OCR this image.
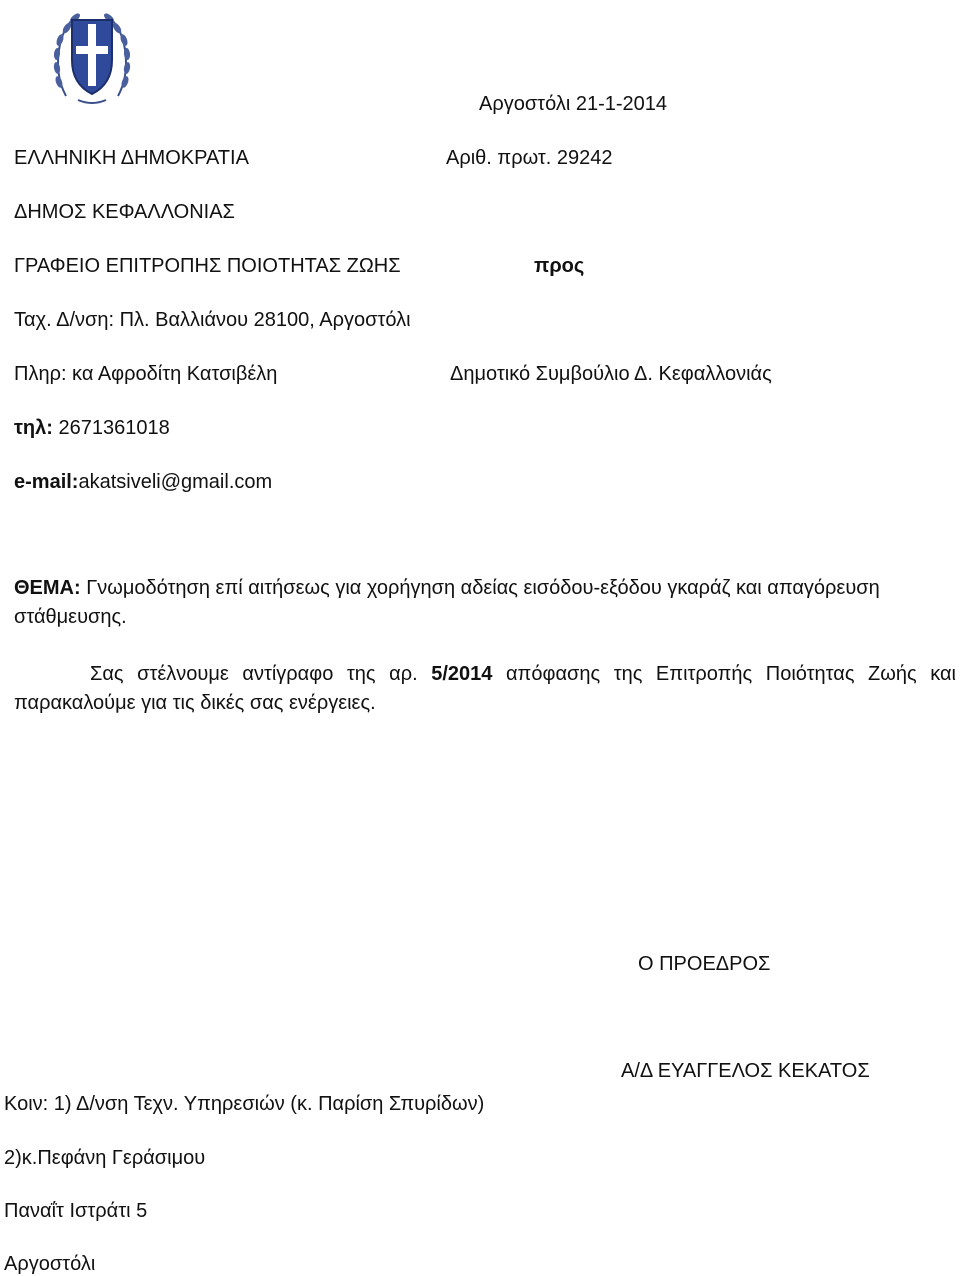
Αργοστόλι 21-1-2014
ΕΛΛΗΝΙΚΗ ΔΗΜΟΚΡΑΤΙΑ	Αριθ. πρωτ. 29242
ΔΗΜΟΣ ΚΕΦΑΛΛΟΝΙΑΣ
ΓΡΑΦΕΙΟ ΕΠΙΤΡΟΠΗΣ ΠΟΙΟΤΗΤΑΣ ΖΩΗΣ	προς
Ταχ. Δ/νση: Πλ. Βαλλιάνου 28100, Αργοστόλι
Πληρ: κα Αφροδίτη Κατσιβέλη	Δημοτικό Συμβούλιο Δ. Κεφαλλονιάς
τηλ: 2671361018
e-mail:akatsiveli@gmail.com
ΘΕΜΑ: Γνωμοδότηση επί αιτήσεως για χορήγηση αδείας εισόδου-εξόδου γκαράζ και απαγόρευση στάθμευσης.
Σας στέλνουμε αντίγραφο της αρ. 5/2014 απόφασης της Επιτροπής Ποιότητας Ζωής και παρακαλούμε για τις δικές σας ενέργειες.
Ο ΠΡΟΕΔΡΟΣ
Α/Δ ΕΥΑΓΓΕΛΟΣ ΚΕΚΑΤΟΣ
Κοιν: 1) Δ/νση Τεχν. Υπηρεσιών (κ. Παρίση Σπυρίδων)
2)κ.Πεφάνη Γεράσιμου
Παναΐτ Ιστράτι 5
Αργοστόλι
